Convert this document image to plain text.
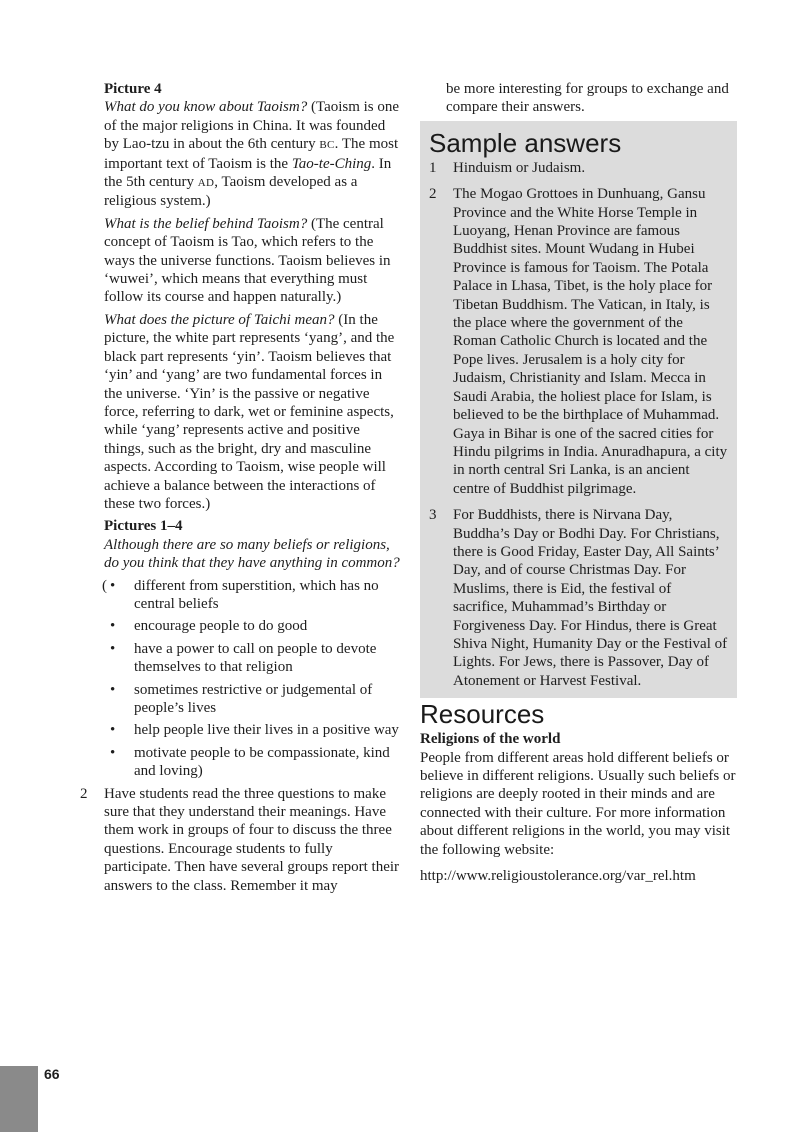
Picture 4

What do you know about Taoism? (Taoism is one of the major religions in China. It was founded by Lao-tzu in about the 6th century BC. The most important text of Taoism is the Tao-te-Ching. In the 5th century AD, Taoism developed as a religious system.)

What is the belief behind Taoism? (The central concept of Taoism is Tao, which refers to the ways the universe functions. Taoism believes in ‘wuwei’, which means that everything must follow its course and happen naturally.)

What does the picture of Taichi mean? (In the picture, the white part represents ‘yang’, and the black part represents ‘yin’. Taoism believes that ‘yin’ and ‘yang’ are two fundamental forces in the universe. ‘Yin’ is the passive or negative force, referring to dark, wet or feminine aspects, while ‘yang’ represents active and positive things, such as the bright, dry and masculine aspects. According to Taoism, wise people will achieve a balance between the interactions of these two forces.)

Pictures 1–4

Although there are so many beliefs or religions, do you think that they have anything in common?

( • different from superstition, which has no central beliefs
• encourage people to do good
• have a power to call on people to devote themselves to that religion
• sometimes restrictive or judgemental of people’s lives
• help people live their lives in a positive way
• motivate people to be compassionate, kind and loving)
2 Have students read the three questions to make sure that they understand their meanings. Have them work in groups of four to discuss the three questions. Encourage students to fully participate. Then have several groups report their answers to the class. Remember it may

be more interesting for groups to exchange and compare their answers.

Sample answers

1 Hinduism or Judaism.
2 The Mogao Grottoes in Dunhuang, Gansu Province and the White Horse Temple in Luoyang, Henan Province are famous Buddhist sites. Mount Wudang in Hubei Province is famous for Taoism. The Potala Palace in Lhasa, Tibet, is the holy place for Tibetan Buddhism. The Vatican, in Italy, is the place where the government of the Roman Catholic Church is located and the Pope lives. Jerusalem is a holy city for Judaism, Christianity and Islam. Mecca in Saudi Arabia, the holiest place for Islam, is believed to be the birthplace of Muhammad. Gaya in Bihar is one of the sacred cities for Hindu pilgrims in India. Anuradhapura, a city in north central Sri Lanka, is an ancient centre of Buddhist pilgrimage.
3 For Buddhists, there is Nirvana Day, Buddha’s Day or Bodhi Day. For Christians, there is Good Friday, Easter Day, All Saints’ Day, and of course Christmas Day. For Muslims, there is Eid, the festival of sacrifice, Muhammad’s Birthday or Forgiveness Day. For Hindus, there is Great Shiva Night, Humanity Day or the Festival of Lights. For Jews, there is Passover, Day of Atonement or Harvest Festival.

Resources

Religions of the world

People from different areas hold different beliefs or believe in different religions. Usually such beliefs or religions are deeply rooted in their minds and are connected with their culture. For more information about different religions in the world, you may visit the following website:

http://www.religioustolerance.org/var_rel.htm

66
